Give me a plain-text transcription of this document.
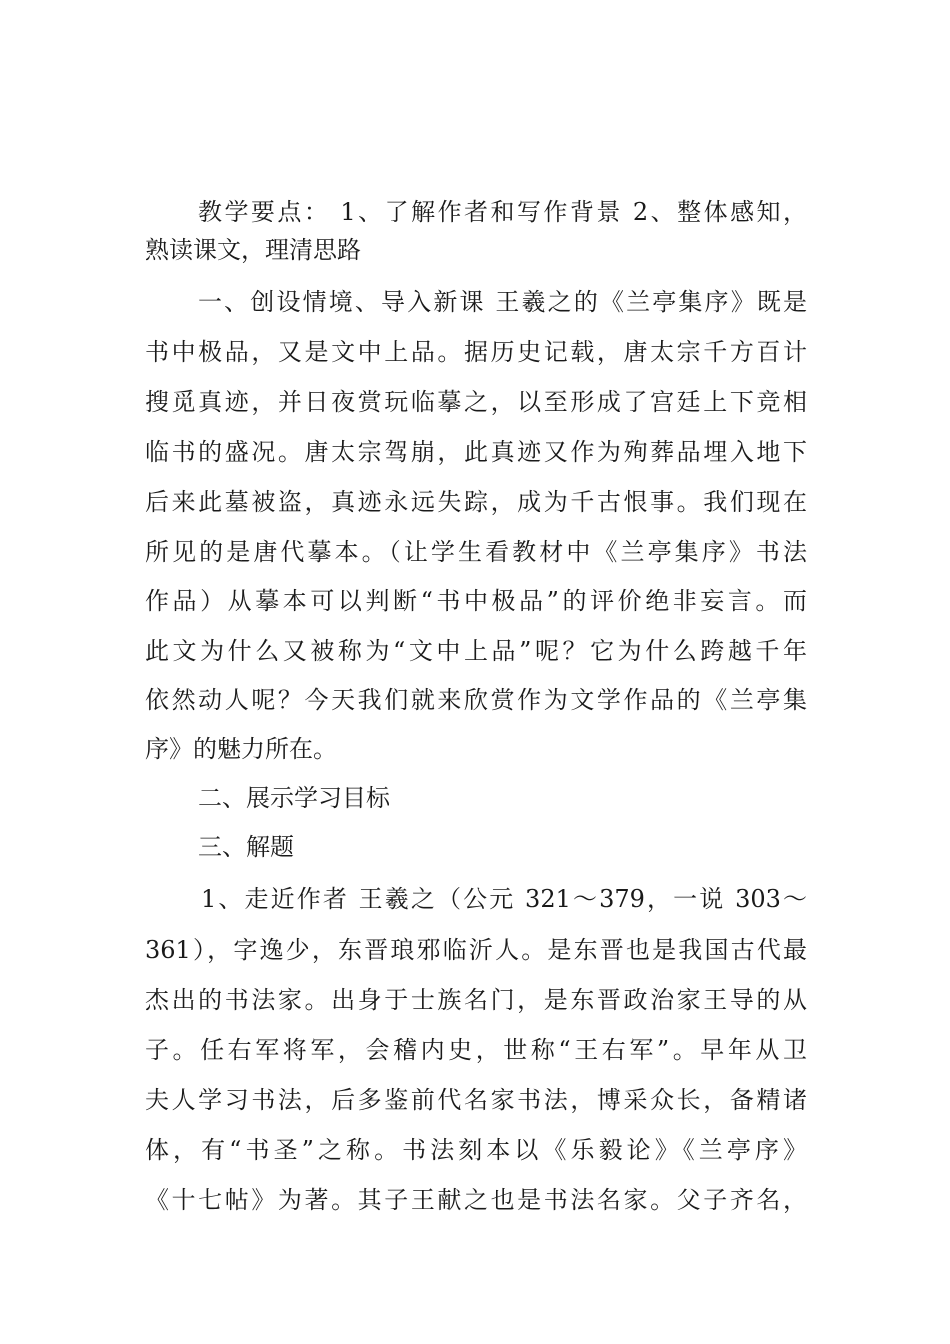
教学要点： 1、了解作者和写作背景 2、整体感知，
熟读课文，理清思路
一、创设情境、导入新课 王羲之的《兰亭集序》既是
书中极品，又是文中上品。据历史记载，唐太宗千方百计
搜觅真迹，并日夜赏玩临摹之，以至形成了宫廷上下竞相
临书的盛况。唐太宗驾崩，此真迹又作为殉葬品埋入地下
后来此墓被盗，真迹永远失踪，成为千古恨事。我们现在
所见的是唐代摹本。（让学生看教材中《兰亭集序》书法
作品）从摹本可以判断“书中极品”的评价绝非妄言。而
此文为什么又被称为“文中上品”呢？它为什么跨越千年
依然动人呢？今天我们就来欣赏作为文学作品的《兰亭集
序》的魅力所在。
二、展示学习目标
三、解题
1、走近作者 王羲之（公元 321～379，一说 303～
361），字逸少，东晋琅邪临沂人。是东晋也是我国古代最
杰出的书法家。出身于士族名门，是东晋政治家王导的从
子。任右军将军，会稽内史，世称“王右军”。早年从卫
夫人学习书法，后多鉴前代名家书法，博采众长，备精诸
体，有“书圣”之称。书法刻本以《乐毅论》《兰亭序》
《十七帖》为著。其子王献之也是书法名家。父子齐名，
